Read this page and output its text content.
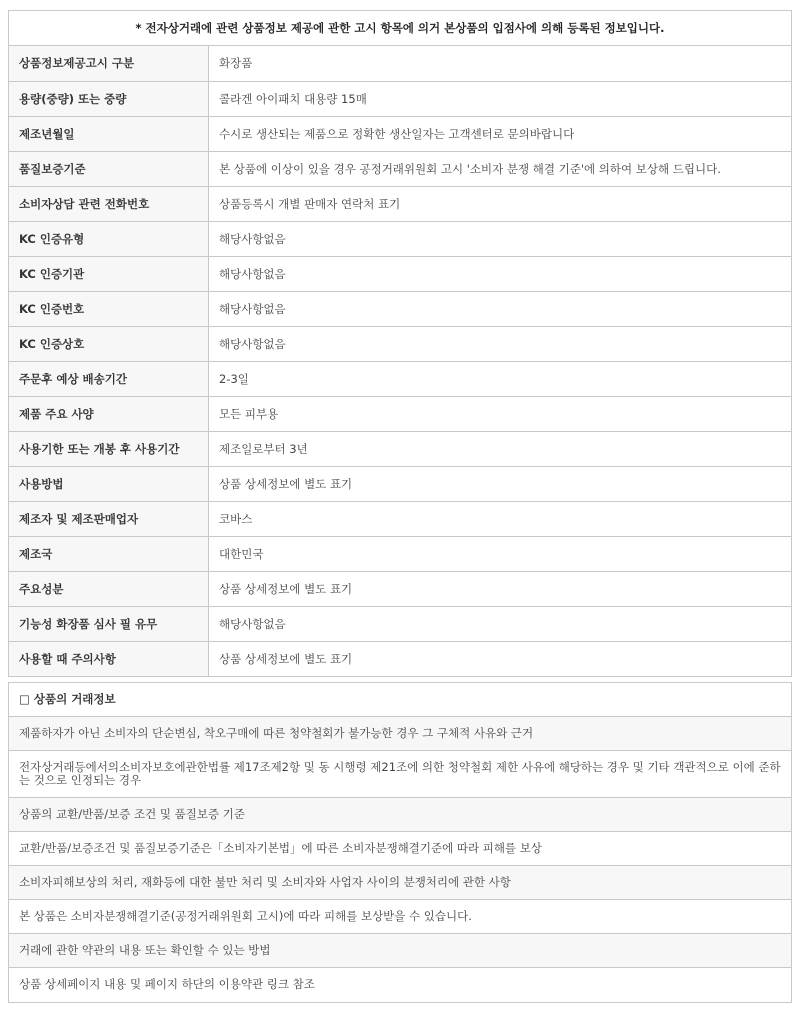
* 전자상거래에 관련 상품정보 제공에 관한 고시 항목에 의거 본상품의 입점사에 의해 등록된 정보입니다.
상품정보제공고시 구분	화장품
용량(중량) 또는 중량	콜라겐 아이패치 대용량 15매
제조년월일	수시로 생산되는 제품으로 정확한 생산일자는 고객센터로 문의바랍니다
품질보증기준	본 상품에 이상이 있을 경우 공정거래위원회 고시 '소비자 분쟁 해결 기준'에 의하여 보상해 드립니다.
소비자상담 관련 전화번호	상품등록시 개별 판매자 연락처 표기
KC 인증유형	해당사항없음
KC 인증기관	해당사항없음
KC 인증번호	해당사항없음
KC 인증상호	해당사항없음
주문후 예상 배송기간	2-3일
제품 주요 사양	모든 피부용
사용기한 또는 개봉 후 사용기간	제조일로부터 3년
사용방법	상품 상세정보에 별도 표기
제조자 및 제조판매업자	코바스
제조국	대한민국
주요성분	상품 상세정보에 별도 표기
기능성 화장품 심사 필 유무	해당사항없음
사용할 때 주의사항	상품 상세정보에 별도 표기
□ 상품의 거래정보
제품하자가 아닌 소비자의 단순변심, 착오구매에 따른 청약철회가 불가능한 경우 그 구체적 사유와 근거
전자상거래등에서의소비자보호에관한법률 제17조제2항 및 동 시행령 제21조에 의한 청약철회 제한 사유에 해당하는 경우 및 기타 객관적으로 이에 준하는 것으로 인정되는 경우
상품의 교환/반품/보증 조건 및 품질보증 기준
교환/반품/보증조건 및 품질보증기준은「소비자기본법」에 따른 소비자분쟁해결기준에 따라 피해를 보상
소비자피해보상의 처리, 재화등에 대한 불만 처리 및 소비자와 사업자 사이의 분쟁처리에 관한 사항
본 상품은 소비자분쟁해결기준(공정거래위원회 고시)에 따라 피해를 보상받을 수 있습니다.
거래에 관한 약관의 내용 또는 확인할 수 있는 방법
상품 상세페이지 내용 및 페이지 하단의 이용약관 링크 참조
